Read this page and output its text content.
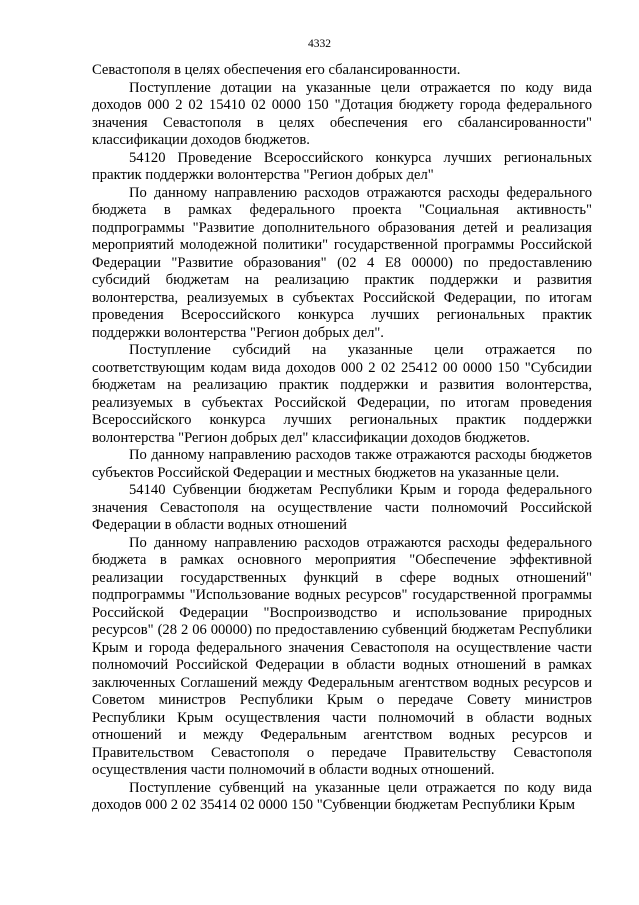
4332

Севастополя в целях обеспечения его сбалансированности.

Поступление дотации на указанные цели отражается по коду вида доходов 000 2 02 15410 02 0000 150 "Дотация бюджету города федерального значения Севастополя в целях обеспечения его сбалансированности" классификации доходов бюджетов.

54120 Проведение Всероссийского конкурса лучших региональных практик поддержки волонтерства "Регион добрых дел"

По данному направлению расходов отражаются расходы федерального бюджета в рамках федерального проекта "Социальная активность" подпрограммы "Развитие дополнительного образования детей и реализация мероприятий молодежной политики" государственной программы Российской Федерации "Развитие образования" (02 4 E8 00000) по предоставлению субсидий бюджетам на реализацию практик поддержки и развития волонтерства, реализуемых в субъектах Российской Федерации, по итогам проведения Всероссийского конкурса лучших региональных практик поддержки волонтерства "Регион добрых дел".

Поступление субсидий на указанные цели отражается по соответствующим кодам вида доходов 000 2 02 25412 00 0000 150 "Субсидии бюджетам на реализацию практик поддержки и развития волонтерства, реализуемых в субъектах Российской Федерации, по итогам проведения Всероссийского конкурса лучших региональных практик поддержки волонтерства "Регион добрых дел" классификации доходов бюджетов.

По данному направлению расходов также отражаются расходы бюджетов субъектов Российской Федерации и местных бюджетов на указанные цели.

54140 Субвенции бюджетам Республики Крым и города федерального значения Севастополя на осуществление части полномочий Российской Федерации в области водных отношений

По данному направлению расходов отражаются расходы федерального бюджета в рамках основного мероприятия "Обеспечение эффективной реализации государственных функций в сфере водных отношений" подпрограммы "Использование водных ресурсов" государственной программы Российской Федерации "Воспроизводство и использование природных ресурсов" (28 2 06 00000) по предоставлению субвенций бюджетам Республики Крым и города федерального значения Севастополя на осуществление части полномочий Российской Федерации в области водных отношений в рамках заключенных Соглашений между Федеральным агентством водных ресурсов и Советом министров Республики Крым о передаче Совету министров Республики Крым осуществления части полномочий в области водных отношений и между Федеральным агентством водных ресурсов и Правительством Севастополя о передаче Правительству Севастополя осуществления части полномочий в области водных отношений.

Поступление субвенций на указанные цели отражается по коду вида доходов 000 2 02 35414 02 0000 150 "Субвенции бюджетам Республики Крым
